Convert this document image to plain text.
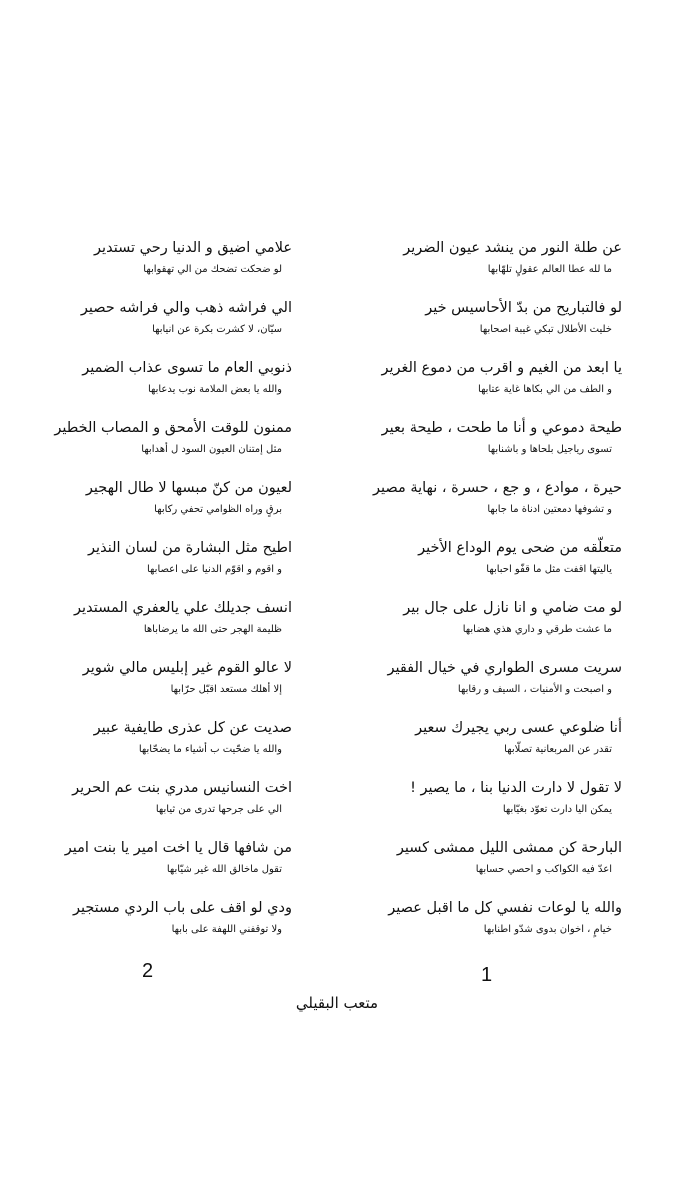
عن طلة النور من ينشد عيون الضرير
ما لله عطا العالم عقولٍ تلهّابها
لو فالتباريح من بدّ الأحاسيس خير
خليت الأطلال تبكي غيبة اصحابها
يا ابعد من الغيم و اقرب من دموع الغرير
و الطف من الي بكاها غاية عتابها
طيحة دموعي و أنا ما طحت ، طيحة بعير
تسوى رياجيل بلحاها و باشنابها
حيرة ، موادع ، و جع ، حسرة ، نهاية مصير
و تشوفها دمعتين ادناة ما جابها
متعلّقه من ضحى يوم الوداع الأخير
ياليتها اقفت مثل ما قفّو احبابها
لو مت ضامي و انا نازل على جال بير
ما عشت طرقي و داري هذي هضابها
سريت مسرى الطواري في خيال الفقير
و اصبحت و الأمنيات ، السيف و رقابها
أنا ضلوعي عسى ربي يجيرك سعير
تقدر عن المربعانية تصلّابها
لا تقول لا دارت الدنيا بنا ، ما يصير !
يمكن اليا دارت تعوّد بغيّابها
البارحة كن ممشى الليل ممشى كسير
اعدّ فيه الكواكب و احصي حسابها
والله يا لوعات نفسي كل ما اقبل عصير
خيامٍ ، اخوان بدوى شدّو اطنابها
علامي اضيق و الدنيا رحي تستدير
لو ضحكت تضحك من الي تهقوابها
الي فراشه ذهب والي فراشه حصير
سيّان، لا كشرت بكرة عن انيابها
ذنوبي العام ما تسوى عذاب الضمير
والله يا بعض الملامة نوب يدعابها
ممنون للوقت الأمحق و المصاب الخطير
مثل إمتنان العيون السود ل أهدابها
لعيون من كنّ مبسها لا طال الهجير
برقٍ وراه الظوامي تحفي ركابها
اطيح مثل البشارة من لسان النذير
و اقوم و اقوّم الدنيا على اعصابها
انسف جديلك علي يالعفري المستدير
ظليمة الهجر حتى الله ما يرضاباها
لا عالو القوم غير إبليس مالي شوير
إلا أهلك مستعد اقبّل حرّابها
صديت عن كل عذرى طايفية عبير
والله يا ضحّيت ب أشياء ما يضحّابها
اخت النسانيس مدري بنت عم الحرير
الي على جرحها تدرى من ثيابها
من شافها قال يا اخت امير يا بنت امير
تقول ماخالق الله غير شيّابها
ودي لو اقف على باب الردي مستجير
ولا توقفني اللهفة على بابها
1
2
متعب البقيلي
